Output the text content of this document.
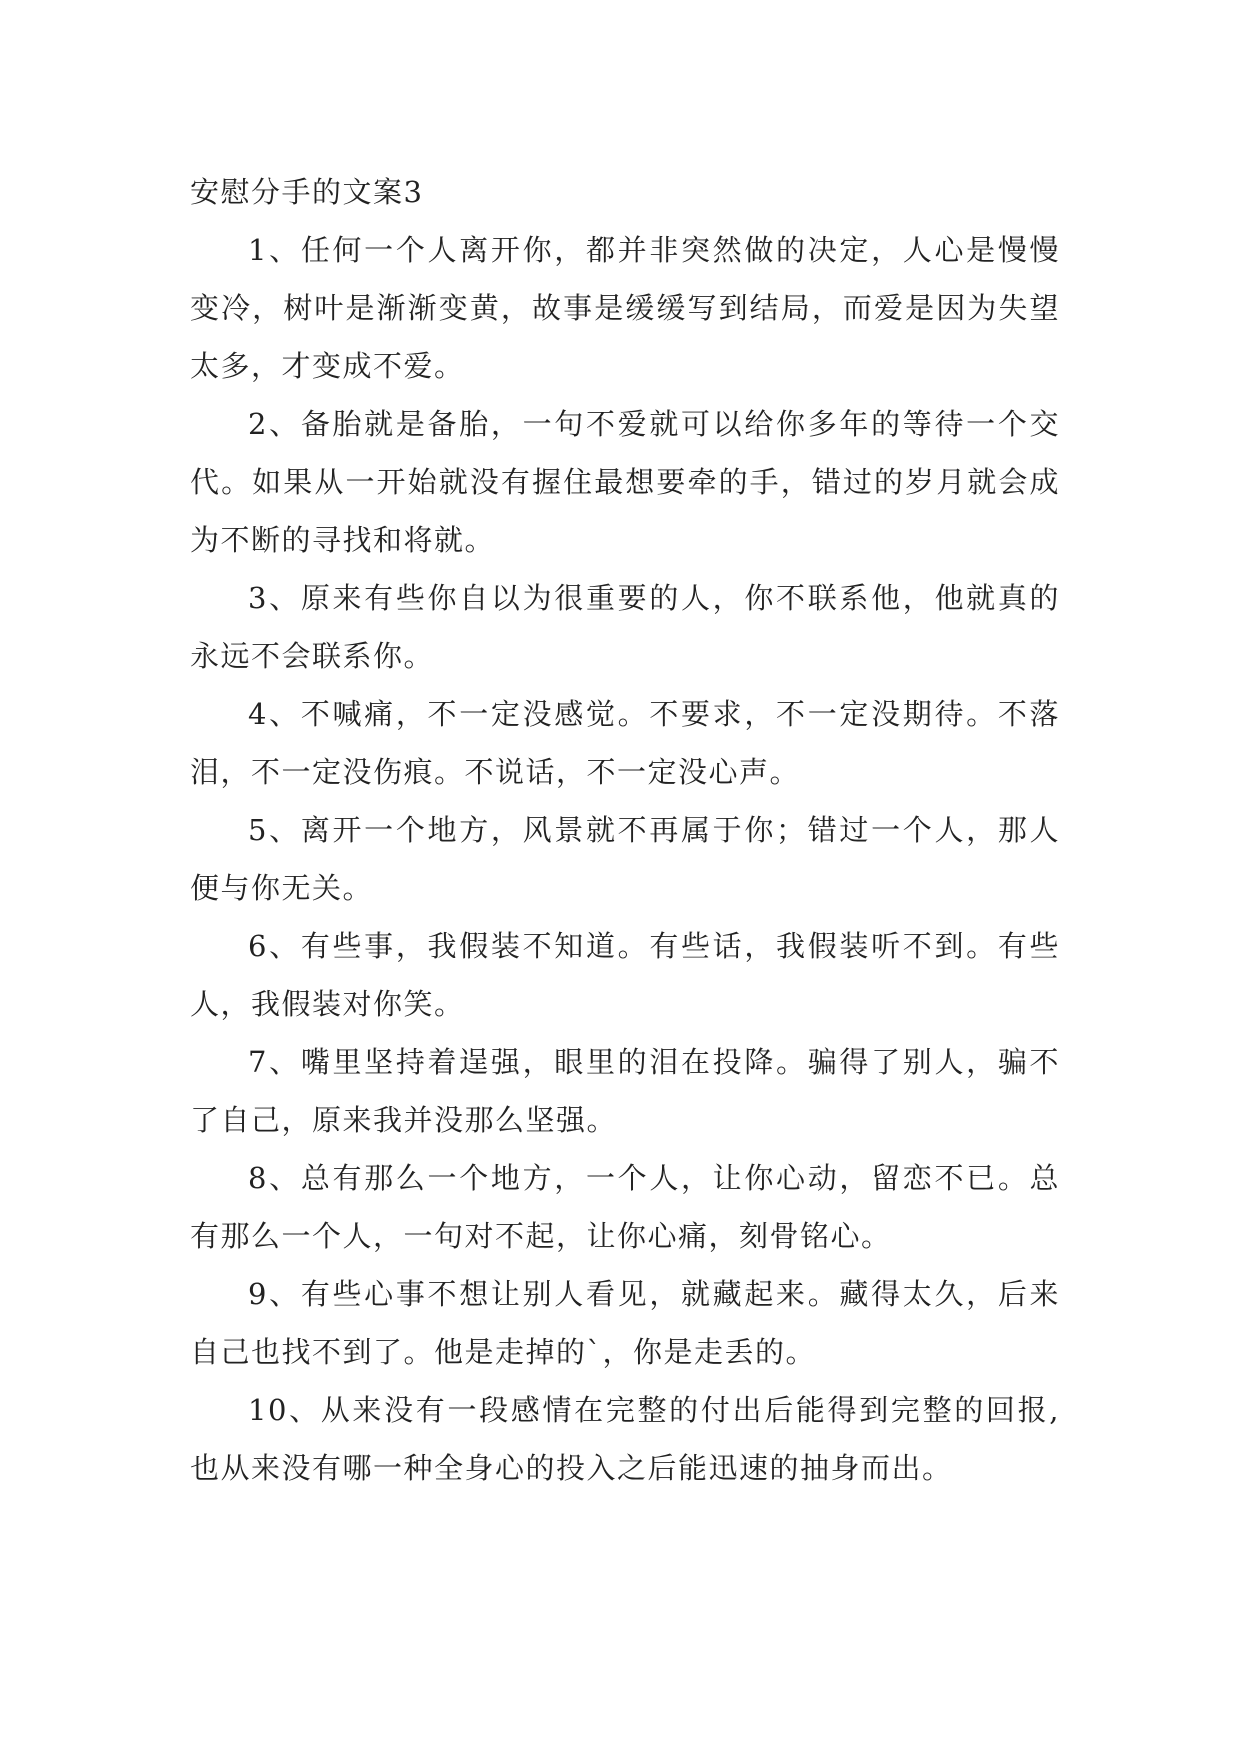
安慰分手的文案3

1、任何一个人离开你，都并非突然做的决定，人心是慢慢变冷，树叶是渐渐变黄，故事是缓缓写到结局，而爱是因为失望太多，才变成不爱。

2、备胎就是备胎，一句不爱就可以给你多年的等待一个交代。如果从一开始就没有握住最想要牵的手，错过的岁月就会成为不断的寻找和将就。

3、原来有些你自以为很重要的人，你不联系他，他就真的永远不会联系你。

4、不喊痛，不一定没感觉。不要求，不一定没期待。不落泪，不一定没伤痕。不说话，不一定没心声。

5、离开一个地方，风景就不再属于你；错过一个人，那人便与你无关。

6、有些事，我假装不知道。有些话，我假装听不到。有些人，我假装对你笑。

7、嘴里坚持着逞强，眼里的泪在投降。骗得了别人，骗不了自己，原来我并没那么坚强。

8、总有那么一个地方，一个人，让你心动，留恋不已。总有那么一个人，一句对不起，让你心痛，刻骨铭心。

9、有些心事不想让别人看见，就藏起来。藏得太久，后来自己也找不到了。他是走掉的`，你是走丢的。

10、从来没有一段感情在完整的付出后能得到完整的回报,也从来没有哪一种全身心的投入之后能迅速的抽身而出。
